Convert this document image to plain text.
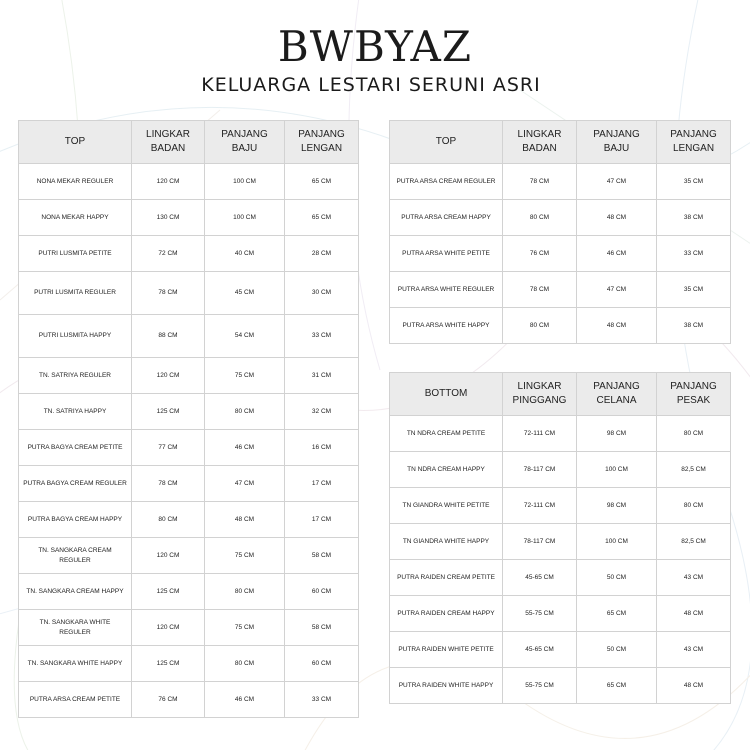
BWBYAZ
KELUARGA LESTARI SERUNI ASRI
TOP	LINGKAR BADAN	PANJANG BAJU	PANJANG LENGAN
NONA MEKAR REGULER	120 CM	100 CM	65 CM
NONA MEKAR HAPPY	130 CM	100 CM	65 CM
PUTRI LUSMITA PETITE	72 CM	40 CM	28 CM
PUTRI LUSMITA REGULER	78 CM	45 CM	30 CM
PUTRI LUSMITA HAPPY	88 CM	54 CM	33 CM
TN. SATRIYA REGULER	120 CM	75 CM	31 CM
TN. SATRIYA HAPPY	125 CM	80 CM	32 CM
PUTRA BAGYA CREAM PETITE	77 CM	46 CM	16 CM
PUTRA BAGYA CREAM REGULER	78 CM	47 CM	17 CM
PUTRA BAGYA CREAM HAPPY	80 CM	48 CM	17 CM
TN. SANGKARA CREAM REGULER	120 CM	75 CM	58 CM
TN. SANGKARA CREAM HAPPY	125 CM	80 CM	60 CM
TN. SANGKARA WHITE REGULER	120 CM	75 CM	58 CM
TN. SANGKARA WHITE HAPPY	125 CM	80 CM	60 CM
PUTRA ARSA CREAM PETITE	76 CM	46 CM	33 CM
TOP	LINGKAR BADAN	PANJANG BAJU	PANJANG LENGAN
PUTRA ARSA CREAM REGULER	78 CM	47 CM	35 CM
PUTRA ARSA CREAM HAPPY	80 CM	48 CM	38 CM
PUTRA ARSA WHITE PETITE	76 CM	46 CM	33 CM
PUTRA ARSA WHITE REGULER	78 CM	47 CM	35 CM
PUTRA ARSA WHITE HAPPY	80 CM	48 CM	38 CM
BOTTOM	LINGKAR PINGGANG	PANJANG CELANA	PANJANG PESAK
TN NDRA CREAM PETITE	72-111 CM	98 CM	80 CM
TN NDRA CREAM HAPPY	78-117 CM	100 CM	82,5 CM
TN GIANDRA WHITE PETITE	72-111 CM	98 CM	80 CM
TN GIANDRA WHITE HAPPY	78-117 CM	100 CM	82,5 CM
PUTRA RAIDEN CREAM PETITE	45-65 CM	50 CM	43 CM
PUTRA RAIDEN CREAM HAPPY	55-75 CM	65 CM	48 CM
PUTRA RAIDEN WHITE PETITE	45-65 CM	50 CM	43 CM
PUTRA RAIDEN WHITE HAPPY	55-75 CM	65 CM	48 CM
